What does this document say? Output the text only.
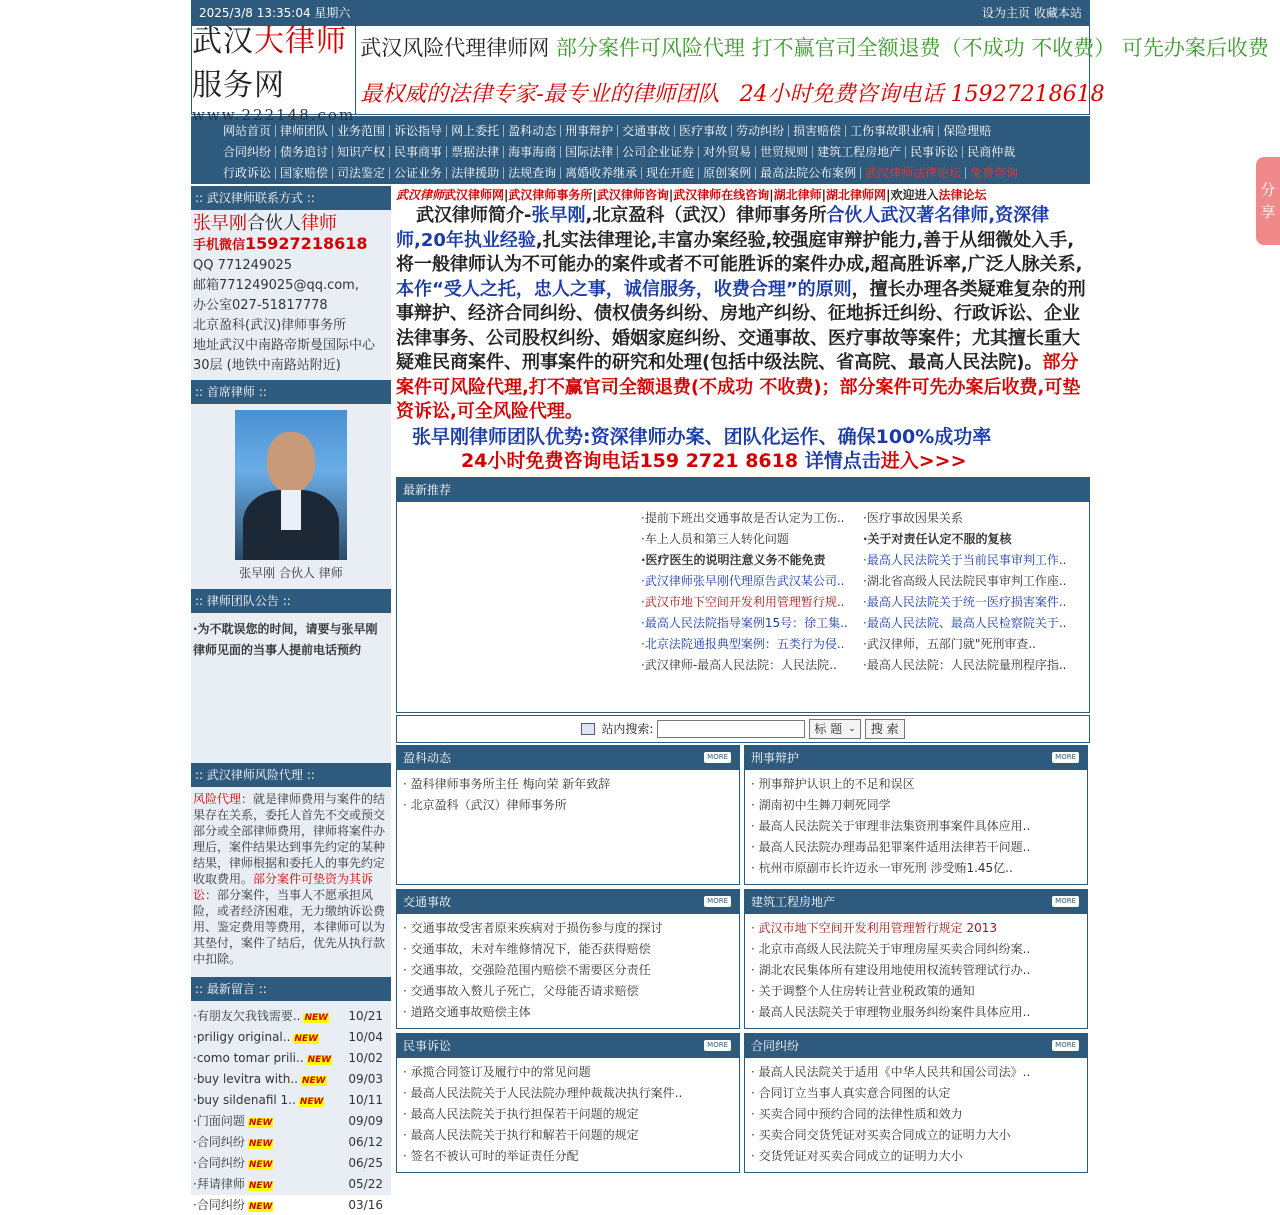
2025/3/8 13:35:04 星期六	设为主页 收藏本站
武汉大律师服务网
www.222148.com
武汉风险代理律师网 部分案件可风险代理 打不赢官司全额退费（不成功 不收费） 可先办案后收费
最权威的法律专家-最专业的律师团队 24小时免费咨询电话 15927218618
网站首页 律师团队 业务范围 诉讼指导 网上委托 盈科动态 刑事辩护 交通事故 医疗事故 劳动纠纷 损害赔偿 工伤事故职业病 保险理赔
合同纠纷 债务追讨 知识产权 民事商事 票据法律 海事海商 国际法律 公司企业证券 对外贸易 世贸规则 建筑工程房地产 民事诉讼 民商仲裁
行政诉讼 国家赔偿 司法鉴定 公证业务 法律援助 法规查询 离婚收养继承 现在开庭 原创案例 最高法院公布案例 武汉律师法律论坛 免费咨询
:: 武汉律师联系方式 ::
张早刚合伙人律师
手机微信15927218618
QQ 771249025
邮箱771249025@qq.com,
办公室027-51817778
北京盈科(武汉)律师事务所
地址武汉中南路帝斯曼国际中心30层 (地铁中南路站附近)
:: 首席律师 ::
张早刚 合伙人 律师
:: 律师团队公告 ::
·为不耽误您的时间，请要与张早刚律师见面的当事人提前电话预约
:: 武汉律师风险代理 ::
风险代理：就是律师费用与案件的结果存在关系，委托人首先不交或预交部分或全部律师费用，律师将案件办理后，案件结果达到事先约定的某种结果，律师根据和委托人的事先约定收取费用。部分案件可垫资为其诉讼：部分案件，当事人不愿承担风险，或者经济困难，无力缴纳诉讼费用、鉴定费用等费用，本律师可以为其垫付，案件了结后，优先从执行款中扣除。
:: 最新留言 ::
·有朋友欠我钱需要.. NEW 10/21
·priligy original.. NEW	10/04
·como tomar prili.. NEW 10/02
·buy levitra with.. NEW 09/03
·buy sildenafil 1.. NEW 10/11
·门面问题 NEW	09/09
·合同纠纷 NEW	06/12
·合同纠纷 NEW	06/25
·拜请律师 NEW	05/22
·合同纠纷 NEW	03/16
武汉律师武汉律师网|武汉律师事务所|武汉律师咨询|武汉律师在线咨询|湖北律师|湖北律师网|欢迎进入法律论坛
武汉律师简介-张早刚,北京盈科（武汉）律师事务所合伙人武汉著名律师,资深律师,20年执业经验,扎实法律理论,丰富办案经验,较强庭审辩护能力,善于从细微处入手,将一般律师认为不可能办的案件或者不可能胜诉的案件办成,超高胜诉率,广泛人脉关系,本作“受人之托，忠人之事，诚信服务，收费合理”的原则，擅长办理各类疑难复杂的刑事辩护、经济合同纠纷、债权债务纠纷、房地产纠纷、征地拆迁纠纷、行政诉讼、企业法律事务、公司股权纠纷、婚姻家庭纠纷、交通事故、医疗事故等案件；尤其擅长重大疑难民商案件、刑事案件的研究和处理(包括中级法院、省高院、最高人民法院)。部分案件可风险代理,打不赢官司全额退费(不成功 不收费)；部分案件可先办案后收费,可垫资诉讼,可全风险代理。
张早刚律师团队优势:资深律师办案、团队化运作、确保100%成功率
24小时免费咨询电话159 2721 8618 详情点击进入>>>
最新推荐
·提前下班出交通事故是否认定为工伤..
·车上人员和第三人转化问题
·医疗医生的说明注意义务不能免责
·武汉律师张早刚代理原告武汉某公司..
·武汉市地下空间开发利用管理暂行规..
·最高人民法院指导案例15号：徐工集..
·北京法院通报典型案例：五类行为侵..
·武汉律师-最高人民法院：人民法院..
·医疗事故因果关系
·关于对责任认定不服的复核
·最高人民法院关于当前民事审判工作..
·湖北省高级人民法院民事审判工作座..
·最高人民法院关于统一医疗损害案件..
·最高人民法院、最高人民检察院关于..
·武汉律师，五部门就"死刑审查..
·最高人民法院：人民法院量刑程序指..
站内搜索:	标 题 ⌄	搜 索
盈科动态	MORE
· 盈科律师事务所主任 梅向荣 新年致辞
· 北京盈科（武汉）律师事务所
刑事辩护	MORE
· 刑事辩护认识上的不足和误区
· 湖南初中生舞刀刺死同学
· 最高人民法院关于审理非法集资刑事案件具体应用..
· 最高人民法院办理毒品犯罪案件适用法律若干问题..
· 杭州市原副市长许迈永一审死刑 涉受贿1.45亿..
交通事故	MORE
· 交通事故受害者原来疾病对于损伤参与度的探讨
· 交通事故，未对车维修情况下，能否获得赔偿
· 交通事故，交强险范围内赔偿不需要区分责任
· 交通事故入赘儿子死亡，父母能否请求赔偿
· 道路交通事故赔偿主体
建筑工程房地产	MORE
· 武汉市地下空间开发利用管理暂行规定 2013
· 北京市高级人民法院关于审理房屋买卖合同纠纷案..
· 湖北农民集体所有建设用地使用权流转管理试行办..
· 关于调整个人住房转让营业税政策的通知
· 最高人民法院关于审理物业服务纠纷案件具体应用..
民事诉讼	MORE
· 承揽合同签订及履行中的常见问题
· 最高人民法院关于人民法院办理仲裁裁决执行案件..
· 最高人民法院关于执行担保若干问题的规定
· 最高人民法院关于执行和解若干问题的规定
· 签名不被认可时的举证责任分配
合同纠纷	MORE
· 最高人民法院关于适用《中华人民共和国公司法》..
· 合同订立当事人真实意合同图的认定
· 买卖合同中预约合同的法律性质和效力
· 买卖合同交货凭证对买卖合同成立的证明力大小
· 交货凭证对买卖合同成立的证明力大小
分
享
